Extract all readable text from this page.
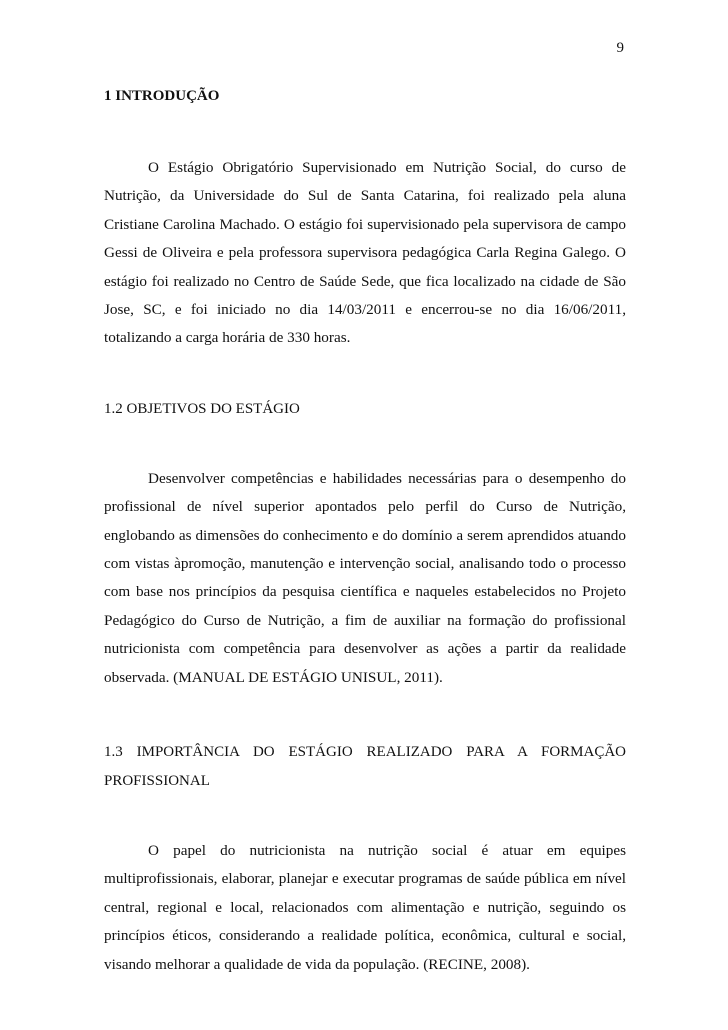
9
1 INTRODUÇÃO

O Estágio Obrigatório Supervisionado em Nutrição Social, do curso de Nutrição, da Universidade do Sul de Santa Catarina, foi realizado pela aluna Cristiane Carolina Machado. O estágio foi supervisionado pela supervisora de campo Gessi de Oliveira e pela professora supervisora pedagógica Carla Regina Galego. O estágio foi realizado no Centro de Saúde Sede, que fica localizado na cidade de São Jose, SC, e foi iniciado no dia 14/03/2011 e encerrou-se no dia 16/06/2011, totalizando a carga horária de 330 horas.

1.2 OBJETIVOS DO ESTÁGIO

Desenvolver competências e habilidades necessárias para o desempenho do profissional de nível superior apontados pelo perfil do Curso de Nutrição, englobando as dimensões do conhecimento e do domínio a serem aprendidos atuando com vistas àpromoção, manutenção e intervenção social, analisando todo o processo com base nos princípios da pesquisa científica e naqueles estabelecidos no Projeto Pedagógico do Curso de Nutrição, a fim de auxiliar na formação do profissional nutricionista com competência para desenvolver as ações a partir da realidade observada. (MANUAL DE ESTÁGIO UNISUL, 2011).

1.3 IMPORTÂNCIA DO ESTÁGIO REALIZADO PARA A FORMAÇÃO
PROFISSIONAL

O papel do nutricionista na nutrição social é atuar em equipes multiprofissionais, elaborar, planejar e executar programas de saúde pública em nível central, regional e local, relacionados com alimentação e nutrição, seguindo os princípios éticos, considerando a realidade política, econômica, cultural e social, visando melhorar a qualidade de vida da população. (RECINE, 2008).
